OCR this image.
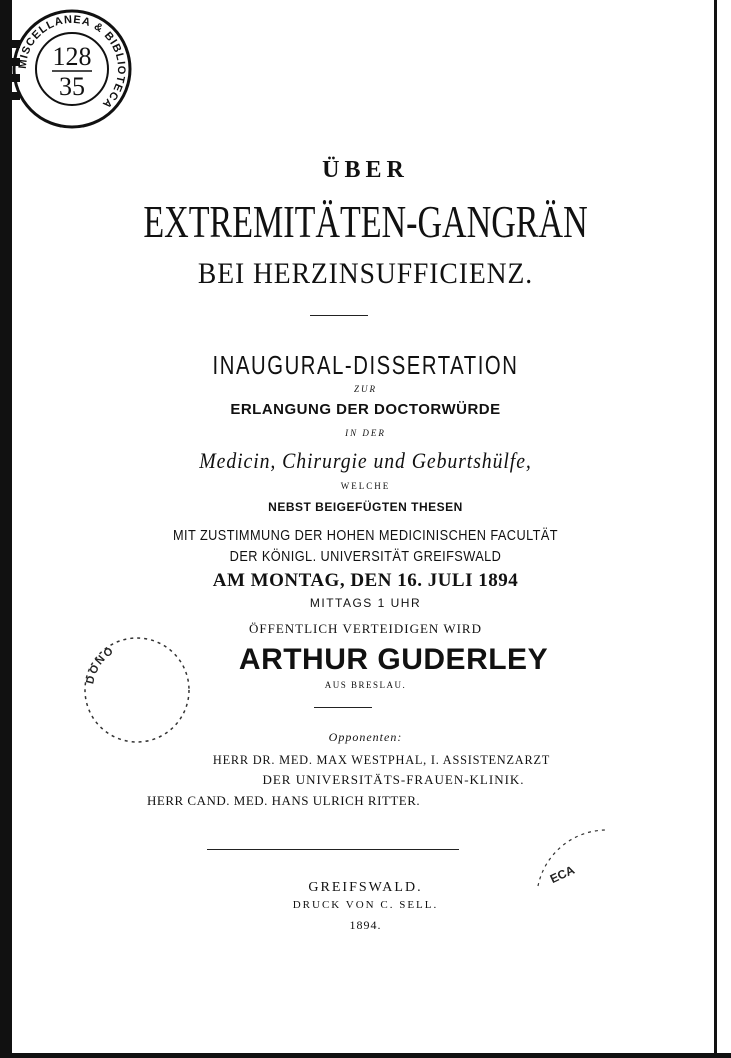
MISCELLANEA & BIBLIOTECA
128
35
DONO
ECA
ÜBER
EXTREMITÄTEN-GANGRÄN
BEI HERZINSUFFICIENZ.
INAUGURAL-DISSERTATION
ZUR
ERLANGUNG DER DOCTORWÜRDE
IN DER
Medicin, Chirurgie und Geburtshülfe,
WELCHE
NEBST BEIGEFÜGTEN THESEN
MIT ZUSTIMMUNG DER HOHEN MEDICINISCHEN FACULTÄT
DER KÖNIGL. UNIVERSITÄT GREIFSWALD
AM MONTAG, DEN 16. JULI 1894
MITTAGS 1 UHR
ÖFFENTLICH VERTEIDIGEN WIRD
ARTHUR GUDERLEY
AUS BRESLAU.
Opponenten:
HERR DR. MED. MAX WESTPHAL, I. ASSISTENZARZT
DER UNIVERSITÄTS-FRAUEN-KLINIK.
HERR CAND. MED. HANS ULRICH RITTER.
GREIFSWALD.
DRUCK VON C. SELL.
1894.
